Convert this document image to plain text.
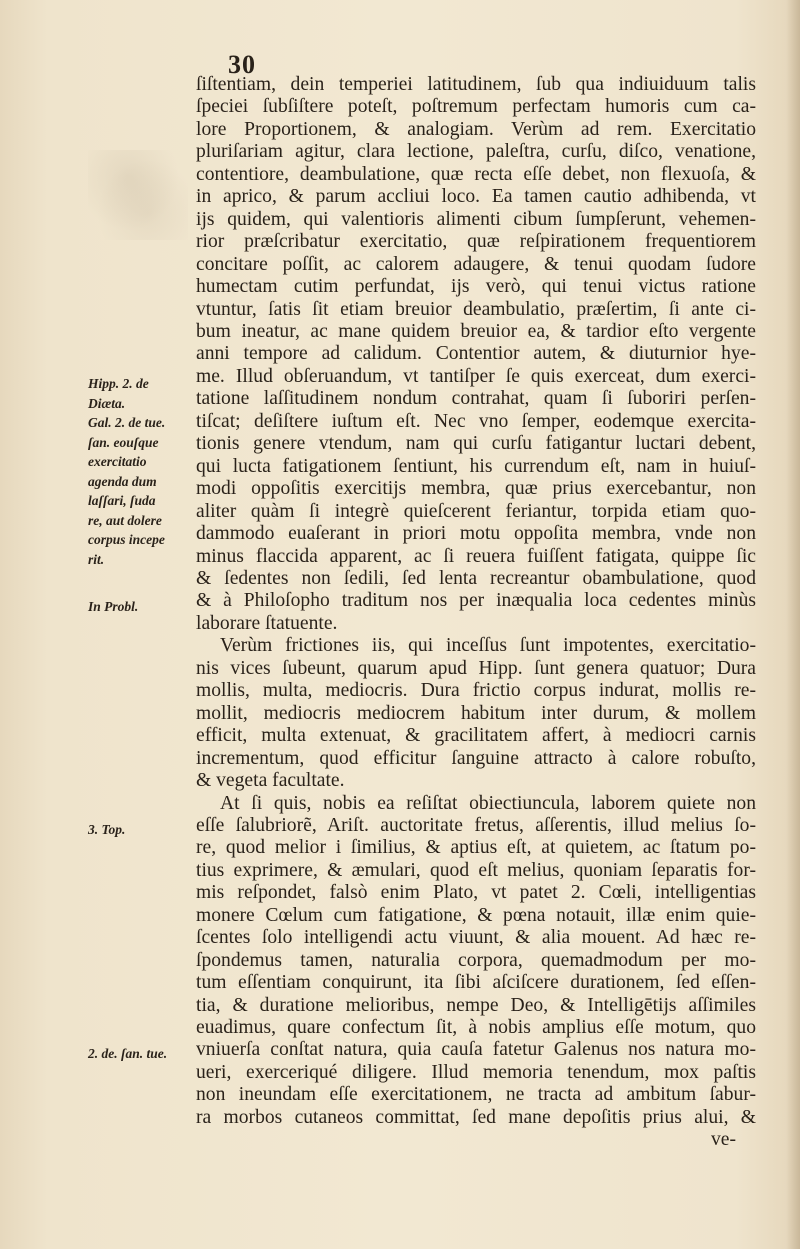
30
ſiſtentiam, dein temperiei latitudinem, ſub qua indiuiduum talis
ſpeciei ſubſiſtere poteſt, poſtremum perfectam humoris cum ca-
lore Proportionem, & analogiam. Verùm ad rem. Exercitatio
pluriſariam agitur, clara lectione, paleſtra, curſu, diſco, venatione,
contentiore, deambulatione, quæ recta eſſe debet, non flexuoſa, &
in aprico, & parum accliui loco. Ea tamen cautio adhibenda, vt
ijs quidem, qui valentioris alimenti cibum ſumpſerunt, vehemen-
rior præſcribatur exercitatio, quæ reſpirationem frequentiorem
concitare poſſit, ac calorem adaugere, & tenui quodam ſudore
humectam cutim perfundat, ijs verò, qui tenui victus ratione
vtuntur, ſatis ſit etiam breuior deambulatio, præſertim, ſi ante ci-
bum ineatur, ac mane quidem breuior ea, & tardior eſto vergente
anni tempore ad calidum. Contentior autem, & diuturnior hye-
me. Illud obſeruandum, vt tantiſper ſe quis exerceat, dum exerci-
tatione laſſitudinem nondum contrahat, quam ſi ſuboriri perſen-
tiſcat; deſiſtere iuſtum eſt. Nec vno ſemper, eodemque exercita-
tionis genere vtendum, nam qui curſu fatigantur luctari debent,
qui lucta fatigationem ſentiunt, his currendum eſt, nam in huiuſ-
modi oppoſitis exercitijs membra, quæ prius exercebantur, non
aliter quàm ſi integrè quieſcerent feriantur, torpida etiam quo-
dammodo euaſerant in priori motu oppoſita membra, vnde non
minus flaccida apparent, ac ſi reuera fuiſſent fatigata, quippe ſic
& ſedentes non ſedili, ſed lenta recreantur obambulatione, quod
& à Philoſopho traditum nos per inæqualia loca cedentes minùs
laborare ſtatuente.
Verùm frictiones iis, qui inceſſus ſunt impotentes, exercitatio-
nis vices ſubeunt, quarum apud Hipp. ſunt genera quatuor; Dura
mollis, multa, mediocris. Dura frictio corpus indurat, mollis re-
mollit, mediocris mediocrem habitum inter durum, & mollem
efficit, multa extenuat, & gracilitatem affert, à mediocri carnis
incrementum, quod efficitur ſanguine attracto à calore robuſto,
& vegeta facultate.
At ſi quis, nobis ea reſiſtat obiectiuncula, laborem quiete non
eſſe ſalubriorẽ, Ariſt. auctoritate fretus, aſſerentis, illud melius ſo-
re, quod melior i ſimilius, & aptius eſt, at quietem, ac ſtatum po-
tius exprimere, & æmulari, quod eſt melius, quoniam ſeparatis for-
mis reſpondet, falsò enim Plato, vt patet 2. Cœli, intelligentias
monere Cœlum cum fatigatione, & pœna notauit, illæ enim quie-
ſcentes ſolo intelligendi actu viuunt, & alia mouent. Ad hæc re-
ſpondemus tamen, naturalia corpora, quemadmodum per mo-
tum eſſentiam conquirunt, ita ſibi aſciſcere durationem, ſed eſſen-
tia, & duratione melioribus, nempe Deo, & Intelligētijs aſſimiles
euadimus, quare confectum ſit, à nobis amplius eſſe motum, quo
vniuerſa conſtat natura, quia cauſa fatetur Galenus nos natura mo-
ueri, exerceriqué diligere. Illud memoria tenendum, mox paſtis
non ineundam eſſe exercitationem, ne tracta ad ambitum ſabur-
ra morbos cutaneos committat, ſed mane depoſitis prius alui, &
ve-
Hipp. 2. de
Diæta.
Gal. 2. de tue.
ſan. eouſque
exercitatio
agenda dum
laſſari, ſuda
re, aut dolere
corpus incepe
rit.
In Probl.
3. Top.
2. de. ſan. tue.
